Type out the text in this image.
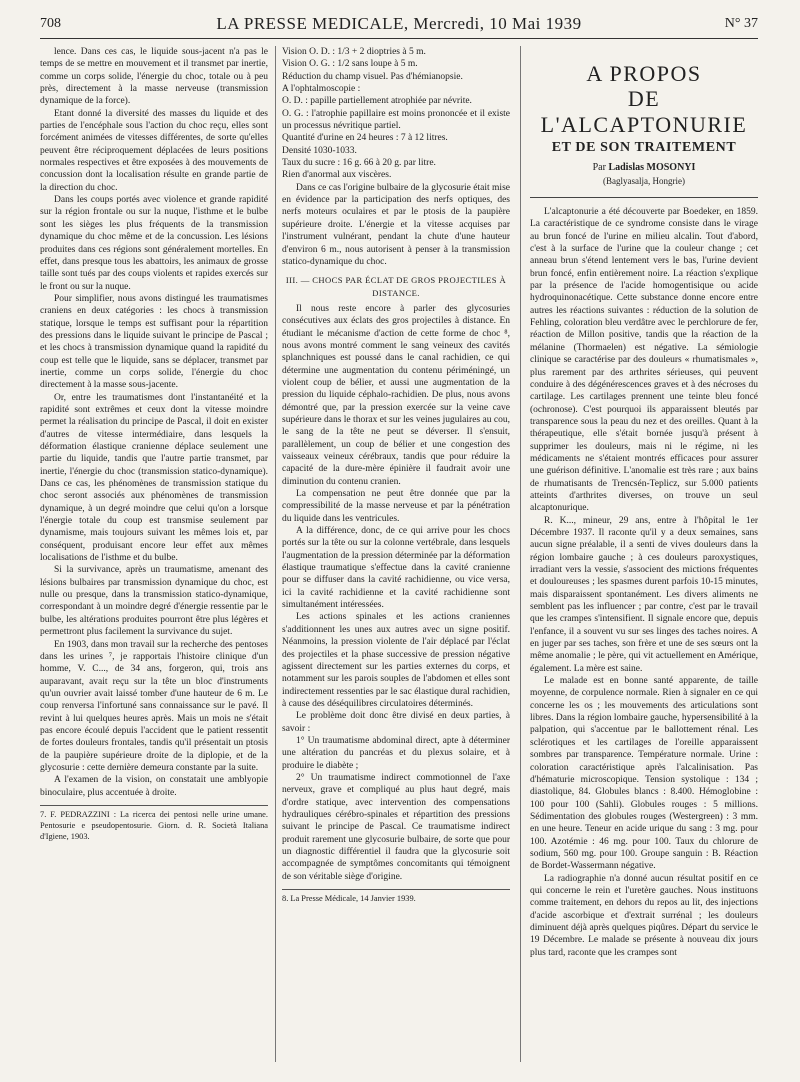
708	LA PRESSE MEDICALE, Mercredi, 10 Mai 1939	N° 37

lence. Dans ces cas, le liquide sous-jacent n'a pas le temps de se mettre en mouvement et il transmet par inertie, comme un corps solide, l'énergie du choc, totale ou à peu près, directement à la masse nerveuse (transmission dynamique de la force).

Etant donné la diversité des masses du liquide et des parties de l'encéphale sous l'action du choc reçu, elles sont forcément animées de vitesses différentes, de sorte qu'elles peuvent être réciproquement déplacées de leurs positions normales respectives et être exposées à des mouvements de concussion dont la localisation résulte en grande partie de la direction du choc.

Dans les coups portés avec violence et grande rapidité sur la région frontale ou sur la nuque, l'isthme et le bulbe sont les sièges les plus fréquents de la transmission dynamique du choc même et de la concussion. Les lésions produites dans ces régions sont généralement mortelles. En effet, dans presque tous les abattoirs, les animaux de grosse taille sont tués par des coups violents et rapides exercés sur le front ou sur la nuque.

Pour simplifier, nous avons distingué les traumatismes craniens en deux catégories : les chocs à transmission statique, lorsque le temps est suffisant pour la répartition des pressions dans le liquide suivant le principe de Pascal ; et les chocs à transmission dynamique quand la rapidité du coup est telle que le liquide, sans se déplacer, transmet par inertie, comme un corps solide, l'énergie du choc directement à la masse sous-jacente.

Or, entre les traumatismes dont l'instantanéité et la rapidité sont extrêmes et ceux dont la vitesse moindre permet la réalisation du principe de Pascal, il doit en exister d'autres de vitesse intermédiaire, dans lesquels la déformation élastique cranienne déplace seulement une partie du liquide, tandis que l'autre partie transmet, par inertie, l'énergie du choc (transmission statico-dynamique). Dans ce cas, les phénomènes de transmission statique du choc seront associés aux phénomènes de transmission dynamique, à un degré moindre que celui qu'on a lorsque l'énergie totale du coup est transmise seulement par dynamisme, mais toujours suivant les mêmes lois et, par conséquent, produisant encore leur effet aux mêmes localisations de l'isthme et du bulbe.

Si la survivance, après un traumatisme, amenant des lésions bulbaires par transmission dynamique du choc, est nulle ou presque, dans la transmission statico-dynamique, correspondant à un moindre degré d'énergie ressentie par le bulbe, les altérations produites pourront être plus légères et permettront plus facilement la survivance du sujet.

En 1903, dans mon travail sur la recherche des pentoses dans les urines ⁷, je rapportais l'histoire clinique d'un homme, V. C..., de 34 ans, forgeron, qui, trois ans auparavant, avait reçu sur la tête un bloc d'instruments qu'un ouvrier avait laissé tomber d'une hauteur de 6 m. Le coup renversa l'infortuné sans connaissance sur le pavé. Il revint à lui quelques heures après. Mais un mois ne s'était pas encore écoulé depuis l'accident que le patient ressentit de fortes douleurs frontales, tandis qu'il présentait un ptosis de la paupière supérieure droite de la diplopie, et de la glycosurie : cette dernière demeura constante par la suite.

A l'examen de la vision, on constatait une amblyopie binoculaire, plus accentuée à droite.

7. F. PEDRAZZINI : La ricerca dei pentosi nelle urine umane. Pentosurie e pseudopentosurie. Giorn. d. R. Società Italiana d'Igiene, 1903.

Vision O. D. : 1/3 + 2 dioptries à 5 m.

Vision O. G. : 1/2 sans loupe à 5 m.

Réduction du champ visuel. Pas d'hémianopsie.

A l'ophtalmoscopie :

O. D. : papille partiellement atrophiée par névrite.

O. G. : l'atrophie papillaire est moins prononcée et il existe un processus névritique partiel.

Quantité d'urine en 24 heures : 7 à 12 litres.

Densité 1030-1033.

Taux du sucre : 16 g. 66 à 20 g. par litre.

Rien d'anormal aux viscères.

Dans ce cas l'origine bulbaire de la glycosurie était mise en évidence par la participation des nerfs optiques, des nerfs moteurs oculaires et par le ptosis de la paupière supérieure droite. L'énergie et la vitesse acquises par l'instrument vulnérant, pendant la chute d'une hauteur d'environ 6 m., nous autorisent à penser à la transmission statico-dynamique du choc.

III. — CHOCS PAR ÉCLAT DE GROS PROJECTILES À DISTANCE.

Il nous reste encore à parler des glycosuries consécutives aux éclats des gros projectiles à distance. En étudiant le mécanisme d'action de cette forme de choc ⁸, nous avons montré comment le sang veineux des cavités splanchniques est poussé dans le canal rachidien, ce qui détermine une augmentation du contenu périméningé, un violent coup de bélier, et aussi une augmentation de la pression du liquide céphalo-rachidien. De plus, nous avons démontré que, par la pression exercée sur la veine cave supérieure dans le thorax et sur les veines jugulaires au cou, le sang de la tête ne peut se déverser. Il s'ensuit, parallèlement, un coup de bélier et une congestion des vaisseaux veineux cérébraux, tandis que pour réduire la capacité de la dure-mère épinière il faudrait avoir une diminution du contenu cranien.

La compensation ne peut être donnée que par la compressibilité de la masse nerveuse et par la pénétration du liquide dans les ventricules.

A la différence, donc, de ce qui arrive pour les chocs portés sur la tête ou sur la colonne vertébrale, dans lesquels l'augmentation de la pression déterminée par la déformation élastique traumatique s'effectue dans la cavité cranienne pour se diffuser dans la cavité rachidienne, ou vice versa, ici la cavité rachidienne et la cavité rachidienne sont simultanément intéressées.

Les actions spinales et les actions craniennes s'additionnent les unes aux autres avec un signe positif. Néanmoins, la pression violente de l'air déplacé par l'éclat des projectiles et la phase successive de pression négative agissent directement sur les parties externes du corps, et notamment sur les parois souples de l'abdomen et elles sont indirectement ressenties par le sac élastique dural rachidien, à cause des déséquilibres circulatoires déterminés.

Le problème doit donc être divisé en deux parties, à savoir :

1° Un traumatisme abdominal direct, apte à déterminer une altération du pancréas et du plexus solaire, et à produire le diabète ;

2° Un traumatisme indirect commotionnel de l'axe nerveux, grave et compliqué au plus haut degré, mais d'ordre statique, avec intervention des compensations hydrauliques cérébro-spinales et répartition des pressions suivant le principe de Pascal. Ce traumatisme indirect produit rarement une glycosurie bulbaire, de sorte que pour un diagnostic différentiel il faudra que la glycosurie soit accompagnée de symptômes concomitants qui témoignent de son véritable siège d'origine.

8. La Presse Médicale, 14 Janvier 1939.
A PROPOS
DE L'ALCAPTONURIE
ET DE SON TRAITEMENT
Par Ladislas MOSONYI
(Baglyasalja, Hongrie)

L'alcaptonurie a été découverte par Boedeker, en 1859. La caractéristique de ce syndrome consiste dans le virage au brun foncé de l'urine en milieu alcalin. Tout d'abord, c'est à la surface de l'urine que la couleur change ; cet anneau brun s'étend lentement vers le bas, l'urine devient brun foncé, enfin entièrement noire. La réaction s'explique par la présence de l'acide homogentisique ou acide hydroquinonacétique. Cette substance donne encore entre autres les réactions suivantes : réduction de la solution de Fehling, coloration bleu verdâtre avec le perchlorure de fer, réaction de Millon positive, tandis que la réaction de la mélanine (Thormaelen) est négative. La sémiologie clinique se caractérise par des douleurs « rhumatismales », plus rarement par des arthrites sérieuses, qui peuvent conduire à des dégénérescences graves et à des nécroses du cartilage. Les cartilages prennent une teinte bleu foncé (ochronose). C'est pourquoi ils apparaissent bleutés par transparence sous la peau du nez et des oreilles. Quant à la thérapeutique, elle s'était bornée jusqu'à présent à supprimer les douleurs, mais ni le régime, ni les médicaments ne s'étaient montrés efficaces pour assurer une guérison définitive. L'anomalie est très rare ; aux bains de rhumatisants de Trencsén-Teplicz, sur 5.000 patients atteints d'arthrites diverses, on trouve un seul alcaptonurique.

R. K..., mineur, 29 ans, entre à l'hôpital le 1er Décembre 1937. Il raconte qu'il y a deux semaines, sans aucun signe préalable, il a senti de vives douleurs dans la région lombaire gauche ; à ces douleurs paroxystiques, irradiant vers la vessie, s'associent des mictions fréquentes et douloureuses ; les spasmes durent parfois 10-15 minutes, mais disparaissent spontanément. Les divers aliments ne semblent pas les influencer ; par contre, c'est par le travail que les crampes s'intensifient. Il signale encore que, depuis l'enfance, il a souvent vu sur ses linges des taches noires. A en juger par ses taches, son frère et une de ses sœurs ont la même anomalie ; le père, qui vit actuellement en Amérique, également. La mère est saine.

Le malade est en bonne santé apparente, de taille moyenne, de corpulence normale. Rien à signaler en ce qui concerne les os ; les mouvements des articulations sont libres. Dans la région lombaire gauche, hypersensibilité à la palpation, qui s'accentue par le ballottement rénal. Les sclérotiques et les cartilages de l'oreille apparaissent sombres par transparence. Température normale. Urine : coloration caractéristique après l'alcalinisation. Pas d'hématurie microscopique. Tension systolique : 134 ; diastolique, 84. Globules blancs : 8.400. Hémoglobine : 100 pour 100 (Sahli). Globules rouges : 5 millions. Sédimentation des globules rouges (Westergreen) : 3 mm. en une heure. Teneur en acide urique du sang : 3 mg. pour 100. Azotémie : 46 mg. pour 100. Taux du chlorure de sodium, 560 mg. pour 100. Groupe sanguin : B. Réaction de Bordet-Wassermann négative.

La radiographie n'a donné aucun résultat positif en ce qui concerne le rein et l'uretère gauches. Nous instituons comme traitement, en dehors du repos au lit, des injections d'acide ascorbique et d'extrait surrénal ; les douleurs diminuent déjà après quelques piqûres. Départ du service le 19 Décembre. Le malade se présente à nouveau dix jours plus tard, raconte que les crampes sont
